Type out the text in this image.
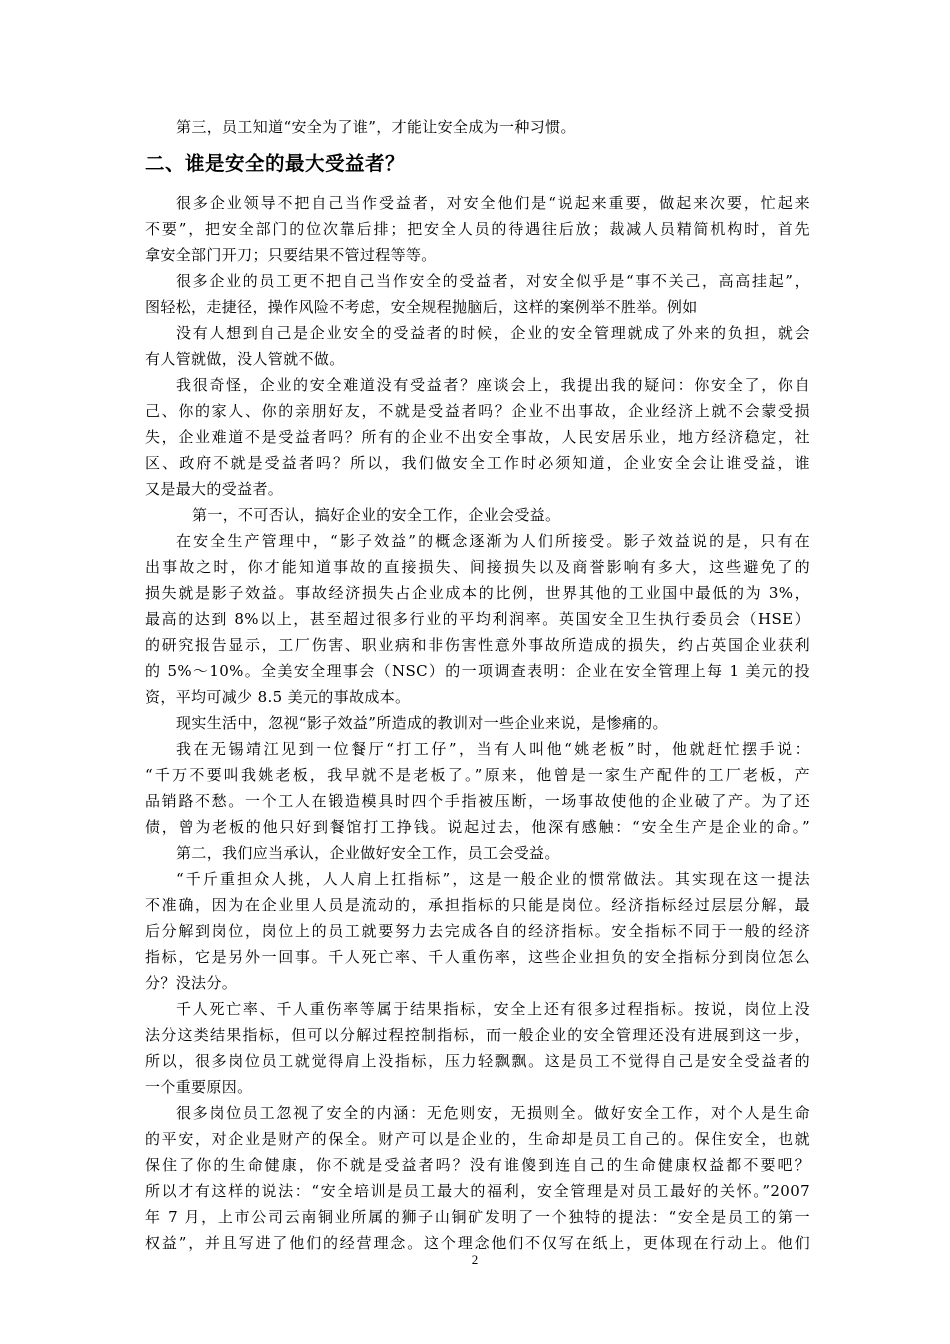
第三，员工知道“安全为了谁”，才能让安全成为一种习惯。
二、谁是安全的最大受益者？
很多企业领导不把自己当作受益者，对安全他们是“说起来重要，做起来次要，忙起来
不要”，把安全部门的位次靠后排；把安全人员的待遇往后放；裁减人员精简机构时，首先
拿安全部门开刀；只要结果不管过程等等。
很多企业的员工更不把自己当作安全的受益者，对安全似乎是“事不关己，高高挂起”，
图轻松，走捷径，操作风险不考虑，安全规程抛脑后，这样的案例举不胜举。例如
没有人想到自己是企业安全的受益者的时候，企业的安全管理就成了外来的负担，就会
有人管就做，没人管就不做。
我很奇怪，企业的安全难道没有受益者？座谈会上，我提出我的疑问：你安全了，你自
己、你的家人、你的亲朋好友，不就是受益者吗？企业不出事故，企业经济上就不会蒙受损
失，企业难道不是受益者吗？所有的企业不出安全事故，人民安居乐业，地方经济稳定，社
区、政府不就是受益者吗？所以，我们做安全工作时必须知道，企业安全会让谁受益，谁
又是最大的受益者。
第一，不可否认，搞好企业的安全工作，企业会受益。
在安全生产管理中，“影子效益”的概念逐渐为人们所接受。影子效益说的是，只有在
出事故之时，你才能知道事故的直接损失、间接损失以及商誉影响有多大，这些避免了的
损失就是影子效益。事故经济损失占企业成本的比例，世界其他的工业国中最低的为 3%，
最高的达到 8%以上，甚至超过很多行业的平均利润率。英国安全卫生执行委员会（HSE）
的研究报告显示，工厂伤害、职业病和非伤害性意外事故所造成的损失，约占英国企业获利
的 5%～10%。全美安全理事会（NSC）的一项调查表明：企业在安全管理上每 1 美元的投
资，平均可减少 8.5 美元的事故成本。
现实生活中，忽视“影子效益”所造成的教训对一些企业来说，是惨痛的。
我在无锡靖江见到一位餐厅“打工仔”，当有人叫他“姚老板”时，他就赶忙摆手说：
“千万不要叫我姚老板，我早就不是老板了。”原来，他曾是一家生产配件的工厂老板，产
品销路不愁。一个工人在锻造模具时四个手指被压断，一场事故使他的企业破了产。为了还
债，曾为老板的他只好到餐馆打工挣钱。说起过去，他深有感触：“安全生产是企业的命。”
第二，我们应当承认，企业做好安全工作，员工会受益。
“千斤重担众人挑，人人肩上扛指标”，这是一般企业的惯常做法。其实现在这一提法
不准确，因为在企业里人员是流动的，承担指标的只能是岗位。经济指标经过层层分解，最
后分解到岗位，岗位上的员工就要努力去完成各自的经济指标。安全指标不同于一般的经济
指标，它是另外一回事。千人死亡率、千人重伤率，这些企业担负的安全指标分到岗位怎么
分？没法分。
千人死亡率、千人重伤率等属于结果指标，安全上还有很多过程指标。按说，岗位上没
法分这类结果指标，但可以分解过程控制指标，而一般企业的安全管理还没有进展到这一步，
所以，很多岗位员工就觉得肩上没指标，压力轻飘飘。这是员工不觉得自己是安全受益者的
一个重要原因。
很多岗位员工忽视了安全的内涵：无危则安，无损则全。做好安全工作，对个人是生命
的平安，对企业是财产的保全。财产可以是企业的，生命却是员工自己的。保住安全，也就
保住了你的生命健康，你不就是受益者吗？没有谁傻到连自己的生命健康权益都不要吧？
所以才有这样的说法：“安全培训是员工最大的福利，安全管理是对员工最好的关怀。”2007
年 7 月，上市公司云南铜业所属的狮子山铜矿发明了一个独特的提法：“安全是员工的第一
权益”，并且写进了他们的经营理念。这个理念他们不仅写在纸上，更体现在行动上。他们
2
